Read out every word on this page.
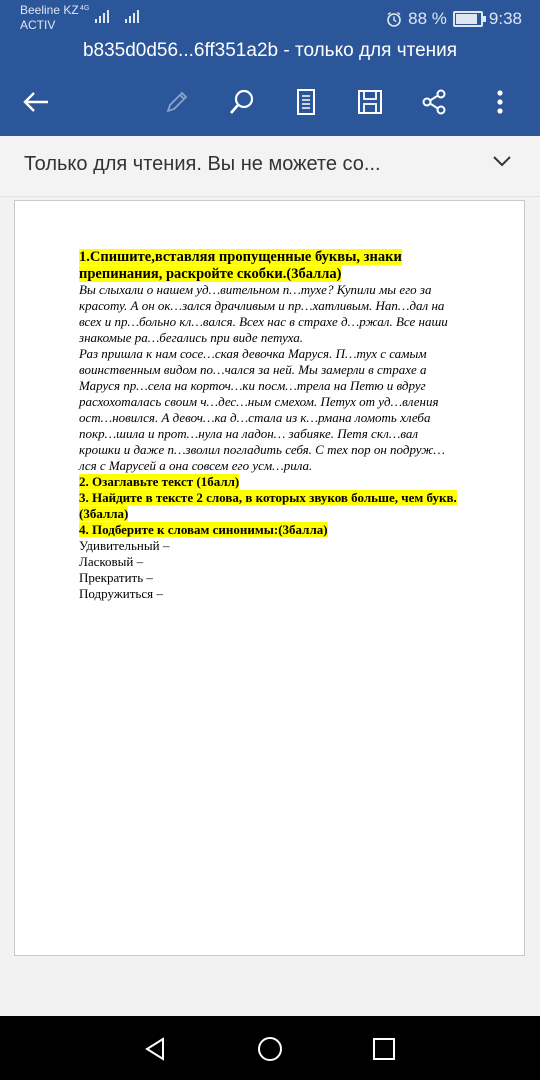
Beeline KZ
ACTIV
4G
88 % 9:38
b835d0d56...6ff351a2b - только для чтения
Только для чтения. Вы не можете со...
1.Спишите,вставляя пропущенные буквы, знаки препинания, раскройте скобки.(3балла)
Вы слыхали о нашем уд…вительном п…тухе? Купили мы его за красоту. А он ок…зался драчливым и пр…хатливым. Нап…дал на всех и пр…больно кл…вался. Всех нас в страхе д…ржал. Все наши знакомые ра…бегались при виде петуха.
Раз пришла к нам сосе…ская девочка Маруся. П…тух с самым воинственным видом по…чался за ней. Мы замерли в страхе а Маруся пр…села на корточ…ки посм…трела на Петю и вдруг расхохоталась своим ч…дес…ным смехом. Петух от уд…вления ост…новился. А девоч…ка д…стала из к…рмана ломоть хлеба покр…шила и прот…нула на ладон… забияке. Петя скл…вал крошки и даже п…зволил погладить себя. С тех пор он подруж…лся с Марусей а она совсем его усм…рила.
2. Озаглавьте текст (1балл)
3. Найдите в тексте 2 слова, в которых звуков больше, чем букв.(3балла)
4. Подберите к словам синонимы:(3балла)
Удивительный –
Ласковый –
Прекратить –
Подружиться –
